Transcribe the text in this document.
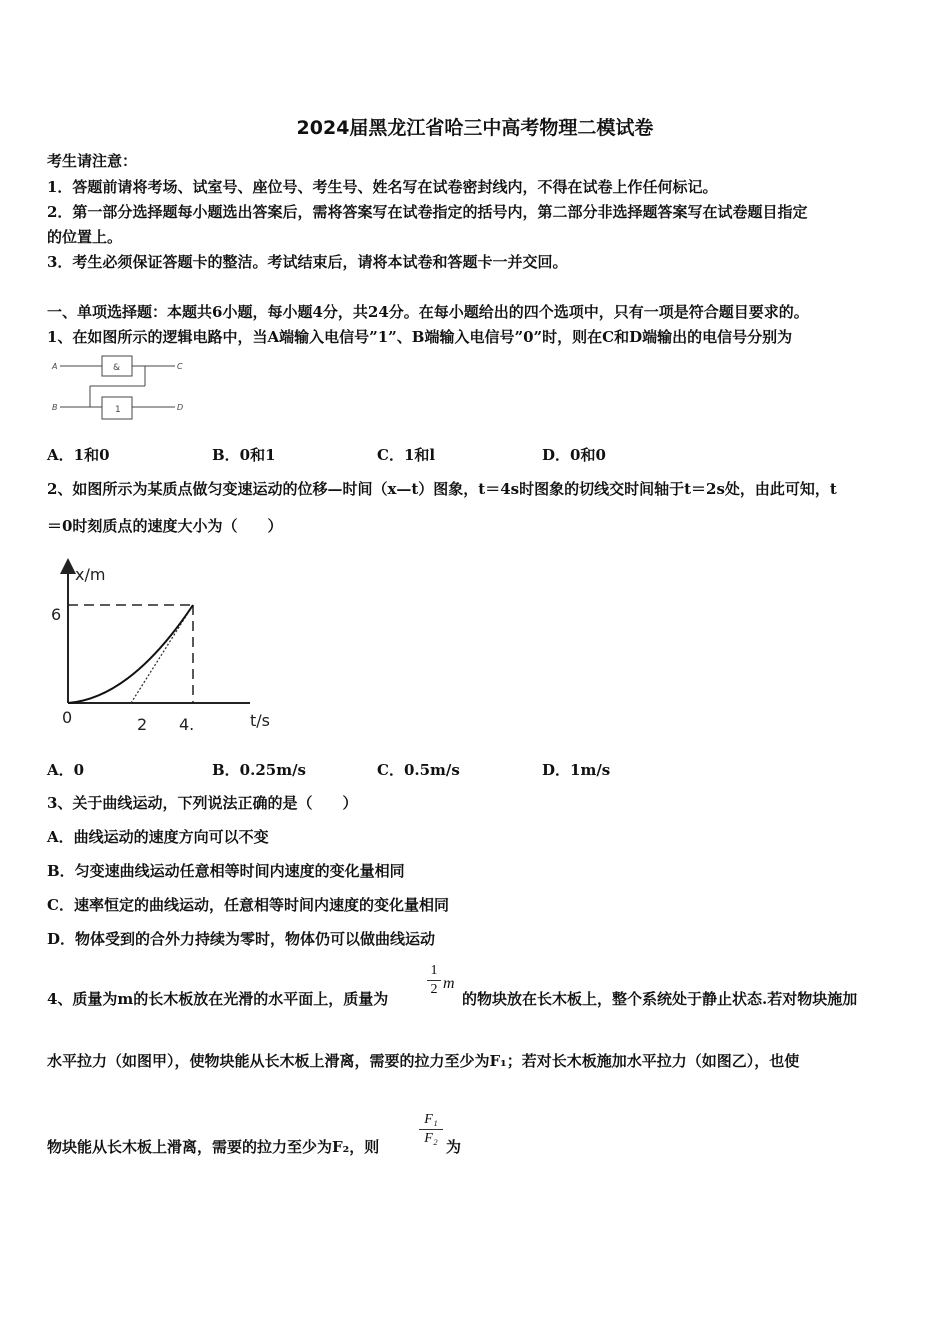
2024届黑龙江省哈三中高考物理二模试卷
考生请注意：
1．答题前请将考场、试室号、座位号、考生号、姓名写在试卷密封线内，不得在试卷上作任何标记。
2．第一部分选择题每小题选出答案后，需将答案写在试卷指定的括号内，第二部分非选择题答案写在试卷题目指定
的位置上。
3．考生必须保证答题卡的整洁。考试结束后，请将本试卷和答题卡一并交回。
一、单项选择题：本题共6小题，每小题4分，共24分。在每小题给出的四个选项中，只有一项是符合题目要求的。
1、在如图所示的逻辑电路中，当A端输入电信号”1”、B端输入电信号”0”时，则在C和D端输出的电信号分别为
A
B
C
D
&
1
A．1和0	B．0和1	C．1和l	D．0和0
2、如图所示为某质点做匀变速运动的位移—时间（x—t）图象，t＝4s时图象的切线交时间轴于t＝2s处，由此可知，t
＝0时刻质点的速度大小为（　　）
x/m
t/s
6
0	2 4.
A．0	B．0.25m/s	C．0.5m/s	D．1m/s
3、关于曲线运动，下列说法正确的是（　　）
A．曲线运动的速度方向可以不变
B．匀变速曲线运动任意相等时间内速度的变化量相同
C．速率恒定的曲线运动，任意相等时间内速度的变化量相同
D．物体受到的合外力持续为零时，物体仍可以做曲线运动
4、质量为m的长木板放在光滑的水平面上，质量为
1
2 m
的物块放在长木板上，整个系统处于静止状态.若对物块施加
水平拉力（如图甲），使物块能从长木板上滑离，需要的拉力至少为F₁；若对长木板施加水平拉力（如图乙），也使
物块能从长木板上滑离，需要的拉力至少为F₂，则
F₁
F₂ 为
